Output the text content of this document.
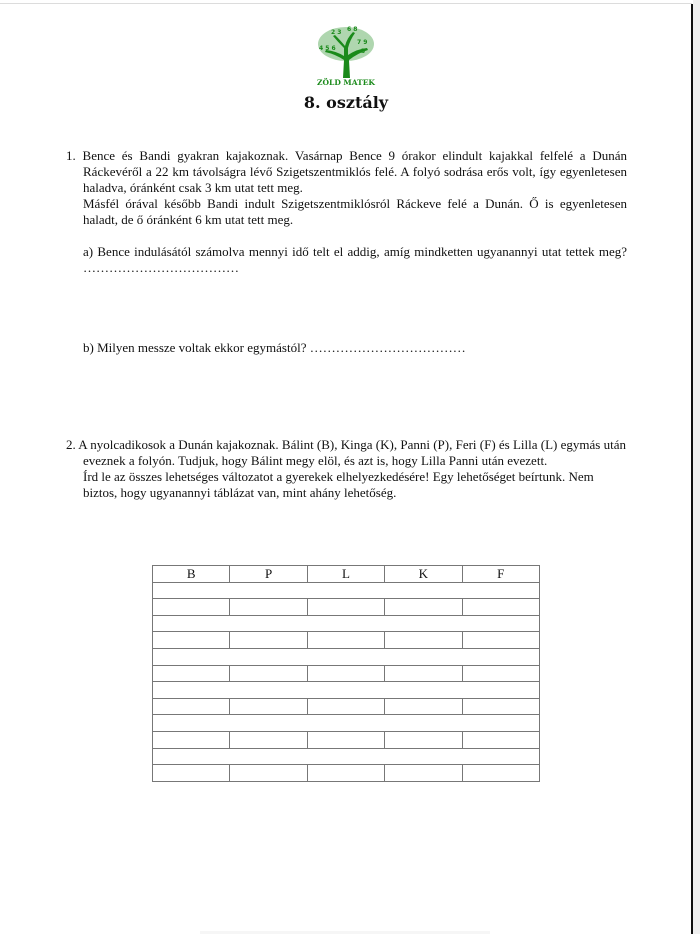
4 5 6
2 3 6 8
7 9
5
ZÖLD MATEK
8. osztály

1. Bence és Bandi gyakran kajakoznak. Vasárnap Bence 9 órakor elindult kajakkal felfelé a Dunán Ráckevéről a 22 km távolságra lévő Szigetszentmiklós felé. A folyó sodrása erős volt, így egyenletesen haladva, óránként csak 3 km utat tett meg.

Másfél órával később Bandi indult Szigetszentmiklósról Ráckeve felé a Dunán. Ő is egyenletesen haladt, de ő óránként 6 km utat tett meg.

a) Bence indulásától számolva mennyi idő telt el addig, amíg mindketten ugyanannyi utat tettek meg? ………………………………

b) Milyen messze voltak ekkor egymástól? ………………………………

2. A nyolcadikosok a Dunán kajakoznak. Bálint (B), Kinga (K), Panni (P), Feri (F) és Lilla (L) egymás után eveznek a folyón. Tudjuk, hogy Bálint megy elöl, és azt is, hogy Lilla Panni után evezett.

Írd le az összes lehetséges változatot a gyerekek elhelyezkedésére! Egy lehetőséget beírtunk. Nem biztos, hogy ugyanannyi táblázat van, mint ahány lehetőség.

B	P	L	K	F
